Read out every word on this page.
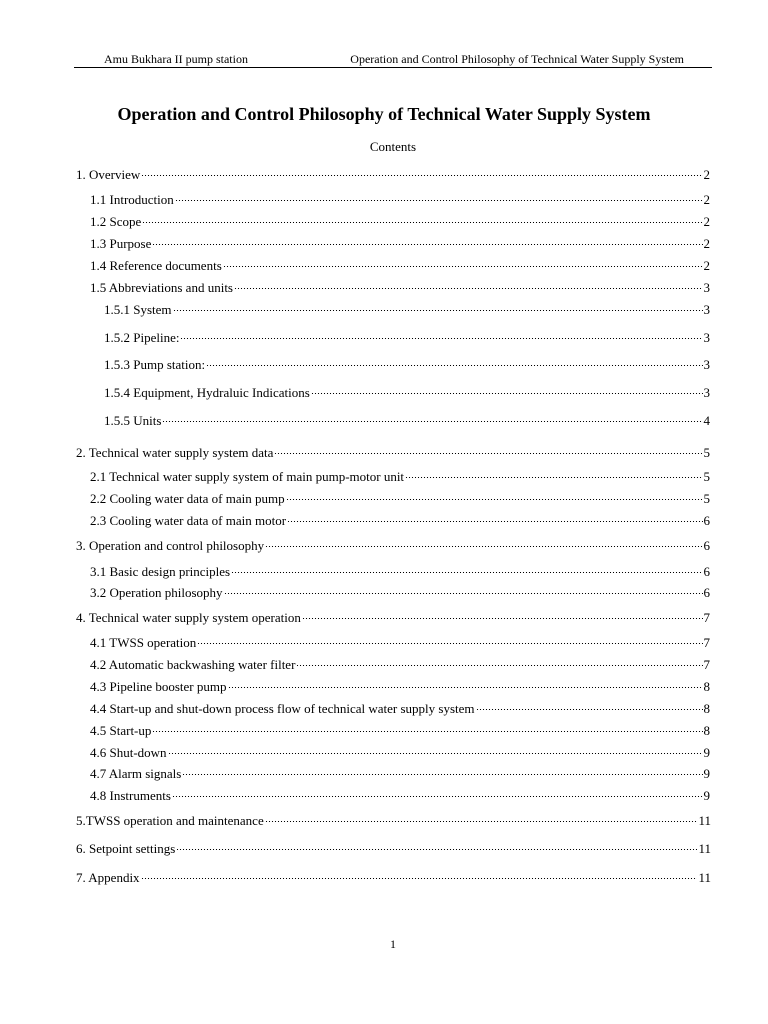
Amu Bukhara II pump station	Operation and Control Philosophy of Technical Water Supply System
Operation and Control Philosophy of Technical Water Supply System
Contents
1. Overview	2
1.1 Introduction	2
1.2 Scope	2
1.3 Purpose	2
1.4 Reference documents	2
1.5 Abbreviations and units	3
1.5.1 System	3
1.5.2 Pipeline:	3
1.5.3 Pump station:	3
1.5.4 Equipment, Hydraluic Indications	3
1.5.5 Units	4
2. Technical water supply system data	5
2.1 Technical water supply system of main pump-motor unit	5
2.2 Cooling water data of main pump	5
2.3 Cooling water data of main motor	6
3. Operation and control philosophy	6
3.1 Basic design principles	6
3.2 Operation philosophy	6
4. Technical water supply system operation	7
4.1 TWSS operation	7
4.2 Automatic backwashing water filter	7
4.3 Pipeline booster pump	8
4.4 Start-up and shut-down process flow of technical water supply system	8
4.5 Start-up	8
4.6 Shut-down	9
4.7 Alarm signals	9
4.8 Instruments	9
5.TWSS operation and maintenance	11
6. Setpoint settings	11
7. Appendix	11
1
